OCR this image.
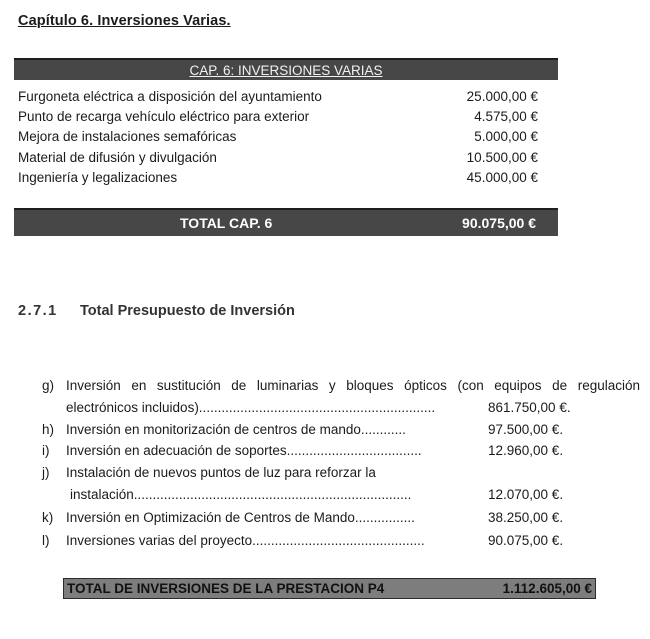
Capítulo 6. Inversiones Varias.
CAP. 6: INVERSIONES VARIAS
Furgoneta eléctrica a disposición del ayuntamiento	25.000,00 €
Punto de recarga vehículo eléctrico para exterior	4.575,00 €
Mejora de instalaciones semafóricas	5.000,00 €
Material de difusión y divulgación	10.500,00 €
Ingeniería y legalizaciones	45.000,00 €
TOTAL CAP. 6	90.075,00 €
2.7.1 Total Presupuesto de Inversión
g) Inversión en sustitución de luminarias y bloques ópticos (con equipos de regulación
electrónicos incluidos)...............................................................	861.750,00 €.
h) Inversión en monitorización de centros de mando............	97.500,00 €.
i) Inversión en adecuación de soportes....................................	12.960,00 €.
j) Instalación de nuevos puntos de luz para reforzar la
instalación..........................................................................	12.070,00 €.
k) Inversión en Optimización de Centros de Mando................	38.250,00 €.
l) Inversiones varias del proyecto..............................................	90.075,00 €.
TOTAL DE INVERSIONES DE LA PRESTACION P4	1.112.605,00 €
